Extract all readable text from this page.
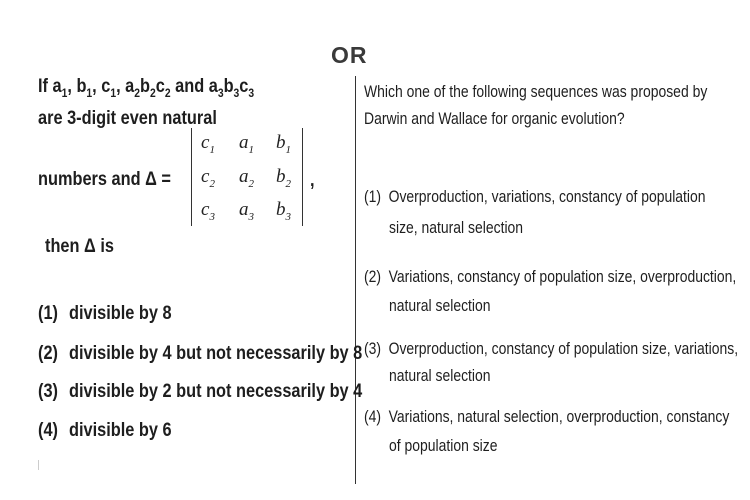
OR
If $a_1$, $b_1$, $c_1$, $a_2b_2c_2$ and $a_3b_3c_3$
are 3-digit even natural
numbers and Δ =
$c_1$ $a_1$ $b_1$
$c_2$ $a_2$ $b_2$
$c_3$ $a_3$ $b_3$
,
then Δ is
(1) divisible by 8
(2) divisible by 4 but not necessarily by 8
(3) divisible by 2 but not necessarily by 4
(4) divisible by 6
Which one of the following sequences was proposed by
Darwin and Wallace for organic evolution?
(1) Overproduction, variations, constancy of population
size, natural selection
(2) Variations, constancy of population size, overproduction,
natural selection
(3) Overproduction, constancy of population size, variations,
natural selection
(4) Variations, natural selection, overproduction, constancy
of population size
